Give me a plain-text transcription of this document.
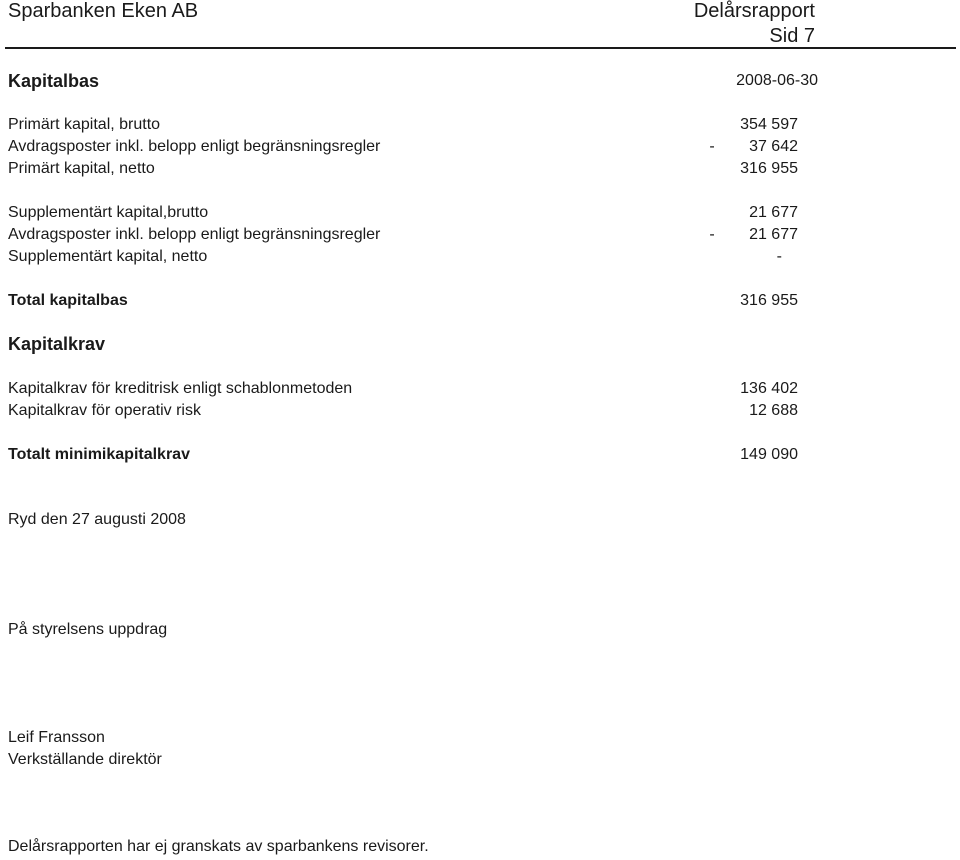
Sparbanken Eken AB	Delårsrapport
Sid 7
Kapitalbas	2008-06-30
Primärt kapital, brutto	354 597
Avdragsposter inkl. belopp enligt begränsningsregler	-	37 642
Primärt kapital, netto	316 955
Supplementärt kapital,brutto	21 677
Avdragsposter inkl. belopp enligt begränsningsregler	-	21 677
Supplementärt kapital, netto	-
Total kapitalbas	316 955
Kapitalkrav
Kapitalkrav för kreditrisk enligt schablonmetoden	136 402
Kapitalkrav för operativ risk	12 688
Totalt minimikapitalkrav	149 090
Ryd den 27 augusti 2008
På styrelsens uppdrag
Leif Fransson
Verkställande direktör
Delårsrapporten har ej granskats av sparbankens revisorer.
